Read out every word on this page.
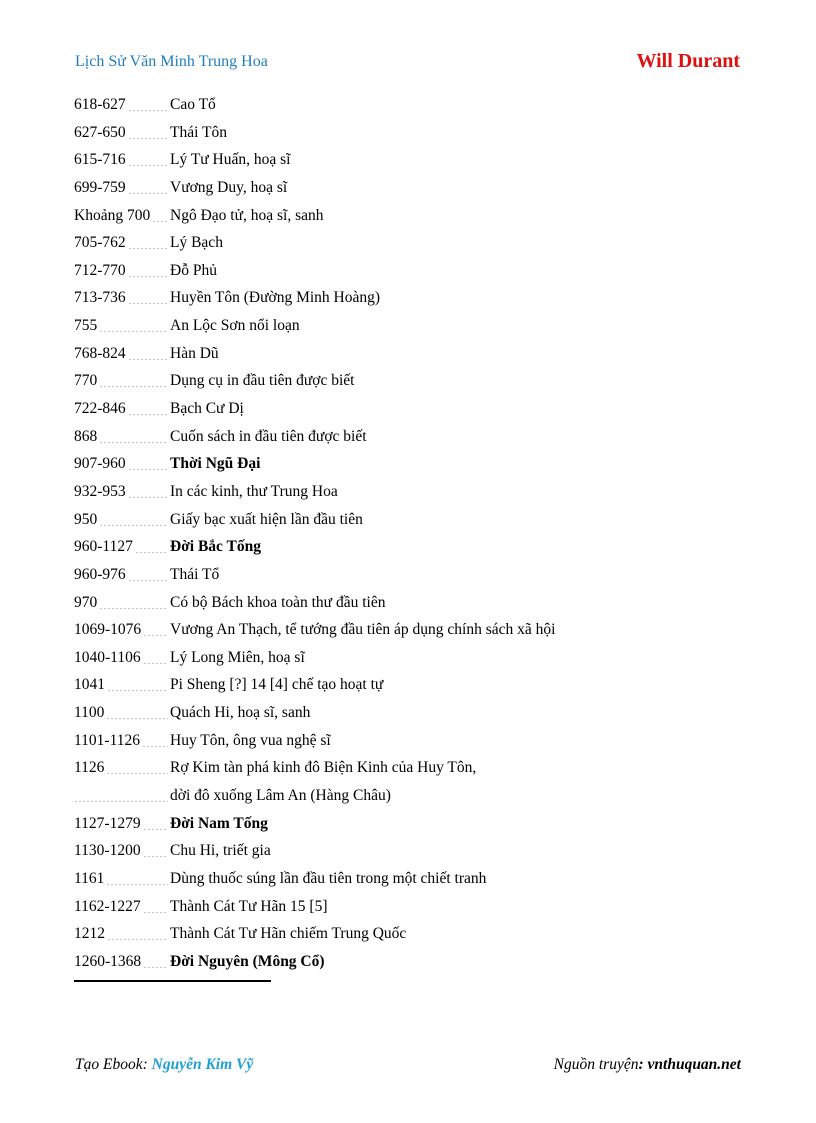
Lịch Sử Văn Minh Trung Hoa	Will Durant
618-627	Cao Tổ
627-650	Thái Tôn
615-716	Lý Tư Huấn, hoạ sĩ
699-759	Vương Duy, hoạ sĩ
Khoảng 700 Ngô Đạo tử, hoạ sĩ, sanh
705-762	Lý Bạch
712-770	Đỗ Phủ
713-736	Huyền Tôn (Đường Minh Hoàng)
755	An Lộc Sơn nổi loạn
768-824	Hàn Dũ
770	Dụng cụ in đầu tiên được biết
722-846	Bạch Cư Dị
868	Cuốn sách in đầu tiên được biết
907-960	Thời Ngũ Đại
932-953	In các kinh, thư Trung Hoa
950	Giấy bạc xuất hiện lần đầu tiên
960-1127 Đời Bắc Tống
960-976	Thái Tổ
970	Có bộ Bách khoa toàn thư đầu tiên
1069-1076 Vương An Thạch, tể tướng đầu tiên áp dụng chính sách xã hội
1040-1106 Lý Long Miên, hoạ sĩ
1041	Pi Sheng [?] 14 [4] chế tạo hoạt tự
1100	Quách Hi, hoạ sĩ, sanh
1101-1126 Huy Tôn, ông vua nghệ sĩ
1126	Rợ Kim tàn phá kinh đô Biện Kinh của Huy Tôn,
dời đô xuống Lâm An (Hàng Châu)
1127-1279 Đời Nam Tống
1130-1200 Chu Hi, triết gia
1161	Dùng thuốc súng lần đầu tiên trong một chiết tranh
1162-1227 Thành Cát Tư Hãn 15 [5]
1212	Thành Cát Tư Hãn chiếm Trung Quốc
1260-1368 Đời Nguyên (Mông Cổ)
Tạo Ebook: Nguyễn Kim Vỹ	Nguồn truyện: vnthuquan.net
